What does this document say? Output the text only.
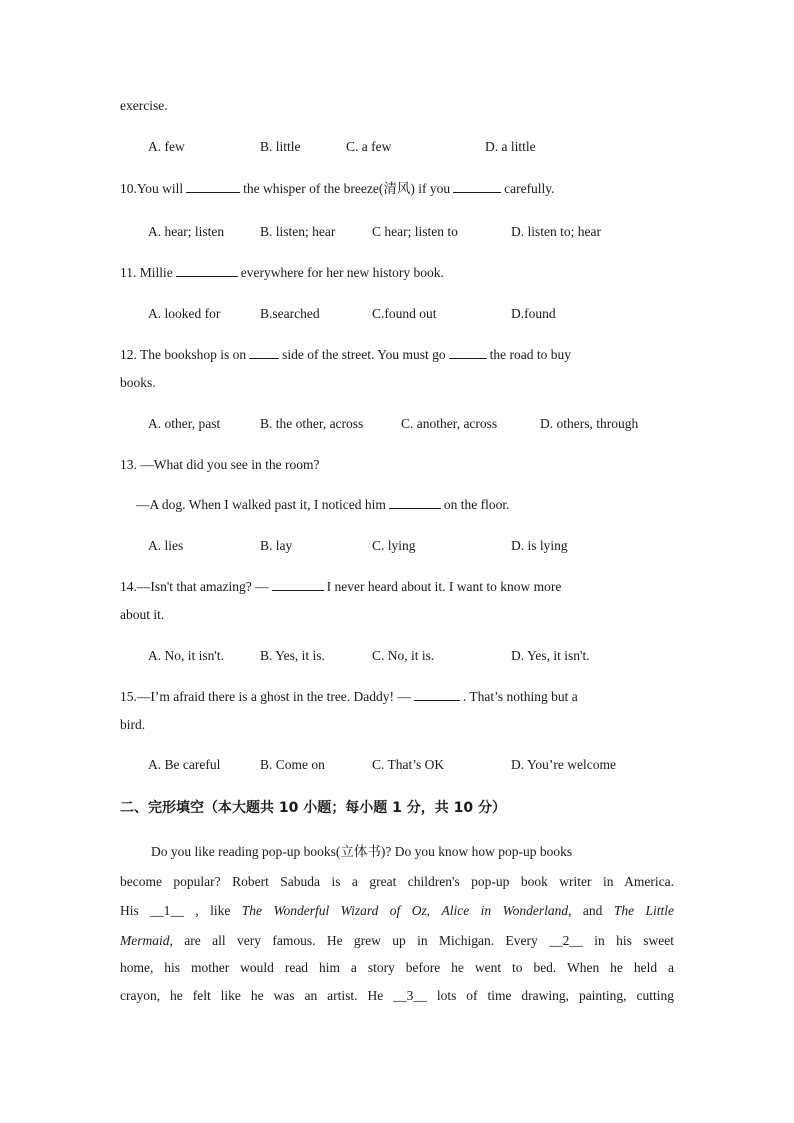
exercise.
A. few	B. little	C. a few	D. a little
10.You will	the whisper of the breeze(清风) if you	carefully.
A. hear; listen	B. listen; hear	C hear; listen to	D. listen to; hear
11. Millie	everywhere for her new history book.
A. looked for	B.searched	C.found out	D.found
12. The bookshop is on	side of the street. You must go	the road to buy
books.
A. other, past	B. the other, across	C. another, across	D. others, through
13. —What did you see in the room?
—A dog. When I walked past it, I noticed him	on the floor.
A. lies	B. lay	C. lying	D. is lying
14.—Isn't that amazing? —	I never heard about it. I want to know more
about it.
A. No, it isn't.	B. Yes, it is.	C. No, it is.	D. Yes, it isn't.
15.—I’m afraid there is a ghost in the tree. Daddy! —	. That’s nothing but a
bird.
A. Be careful	B. Come on	C. That’s OK	D. You’re welcome
二、完形填空（本大题共 10 小题；每小题 1 分，共 10 分）
Do you like reading pop-up books(立体书)? Do you know how pop-up books
become popular? Robert Sabuda is a great children's pop-up book writer in America.
His __1__ , like The Wonderful Wizard of Oz, Alice in Wonderland, and The Little
Mermaid, are all very famous. He grew up in Michigan. Every __2__ in his sweet
home, his mother would read him a story before he went to bed. When he held a
crayon, he felt like he was an artist. He __3__ lots of time drawing, painting, cutting
